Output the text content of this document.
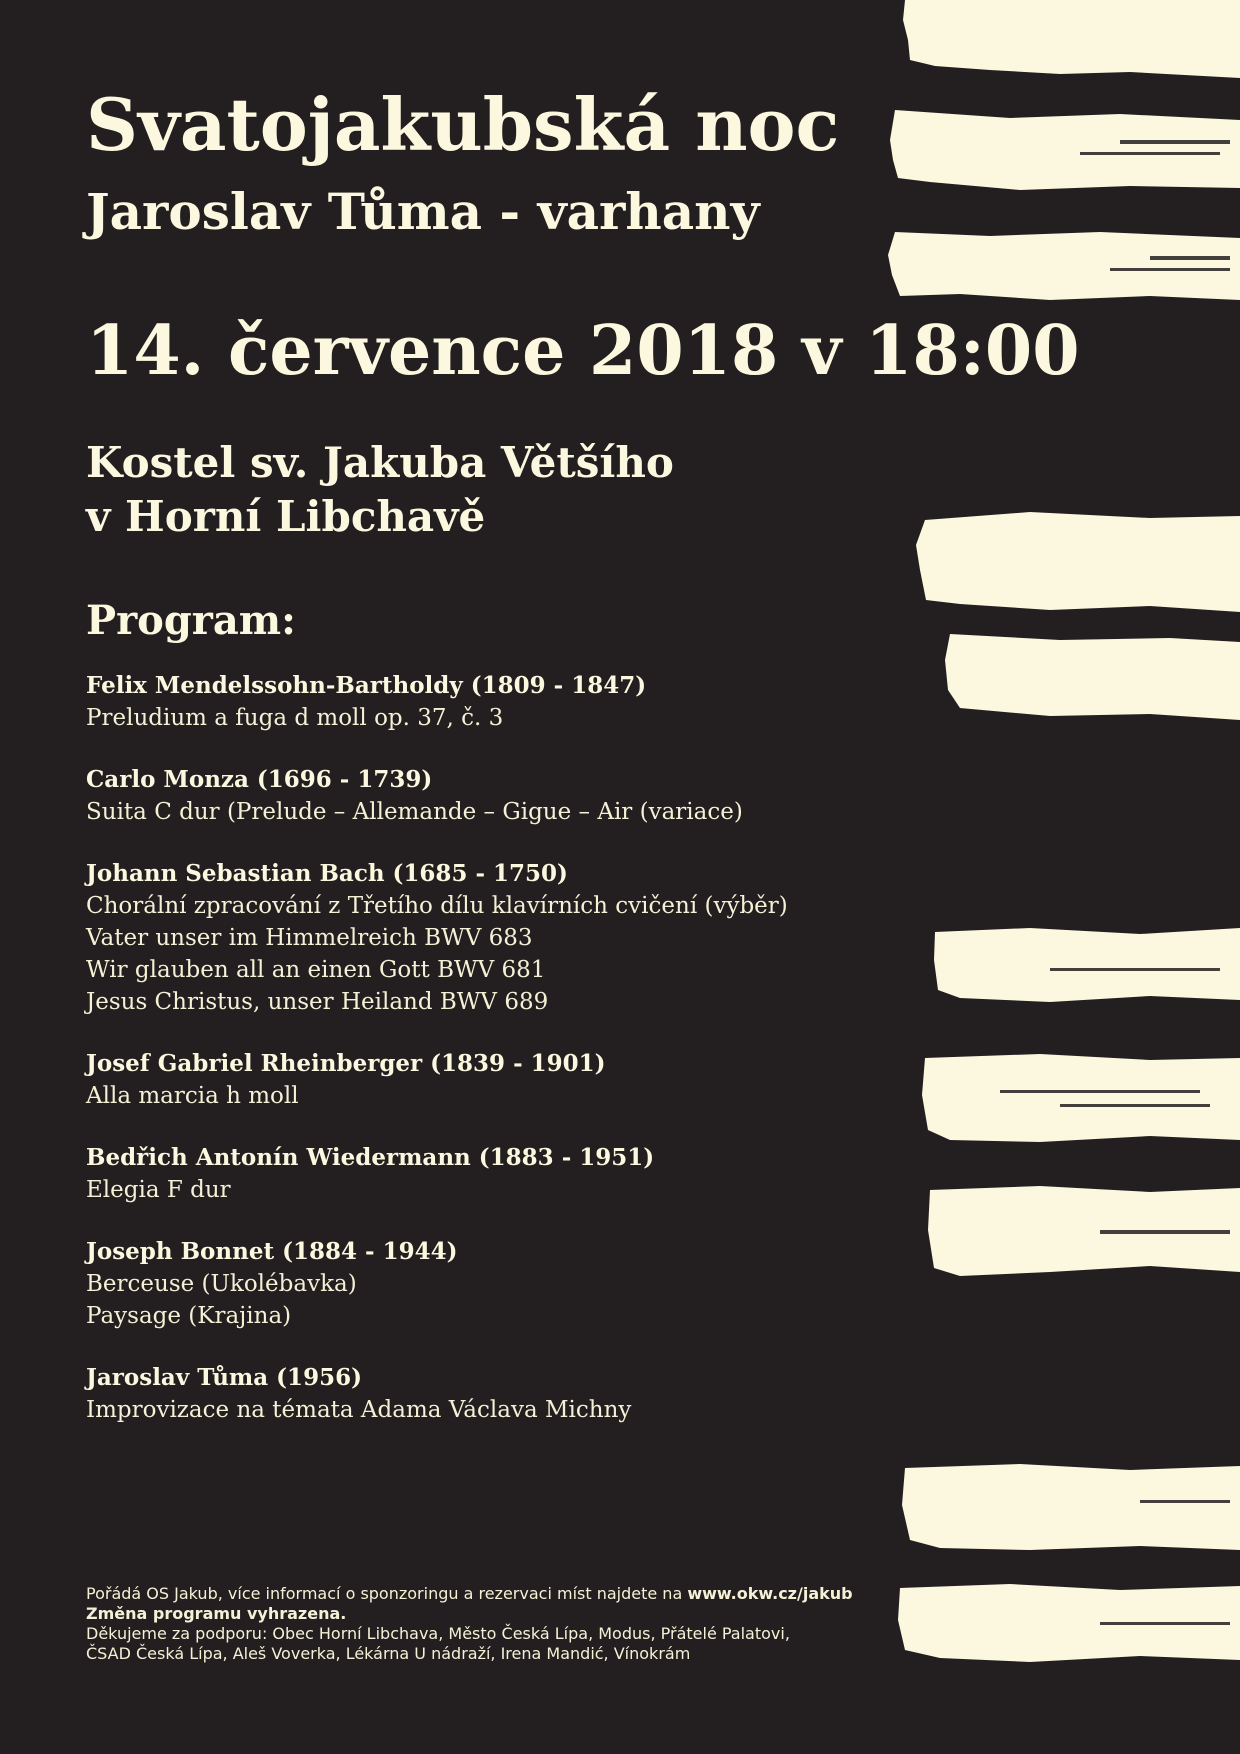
Svatojakubská noc
Jaroslav Tůma - varhany
14. července 2018 v 18:00
Kostel sv. Jakuba Většího
v Horní Libchavě
Program:
Felix Mendelssohn-Bartholdy (1809 - 1847)
Preludium a fuga d moll op. 37, č. 3
Carlo Monza (1696 - 1739)
Suita C dur (Prelude – Allemande – Gigue – Air (variace)
Johann Sebastian Bach (1685 - 1750)
Chorální zpracování z Třetího dílu klavírních cvičení (výběr)
Vater unser im Himmelreich BWV 683
Wir glauben all an einen Gott BWV 681
Jesus Christus, unser Heiland BWV 689
Josef Gabriel Rheinberger (1839 - 1901)
Alla marcia h moll
Bedřich Antonín Wiedermann (1883 - 1951)
Elegia F dur
Joseph Bonnet (1884 - 1944)
Berceuse (Ukolébavka)
Paysage (Krajina)
Jaroslav Tůma (1956)
Improvizace na témata Adama Václava Michny
Pořádá OS Jakub, více informací o sponzoringu a rezervaci míst najdete na www.okw.cz/jakub
Změna programu vyhrazena.
Děkujeme za podporu: Obec Horní Libchava, Město Česká Lípa, Modus, Přátelé Palatovi,
ČSAD Česká Lípa, Aleš Voverka, Lékárna U nádraží, Irena Mandić, Vínokrám
